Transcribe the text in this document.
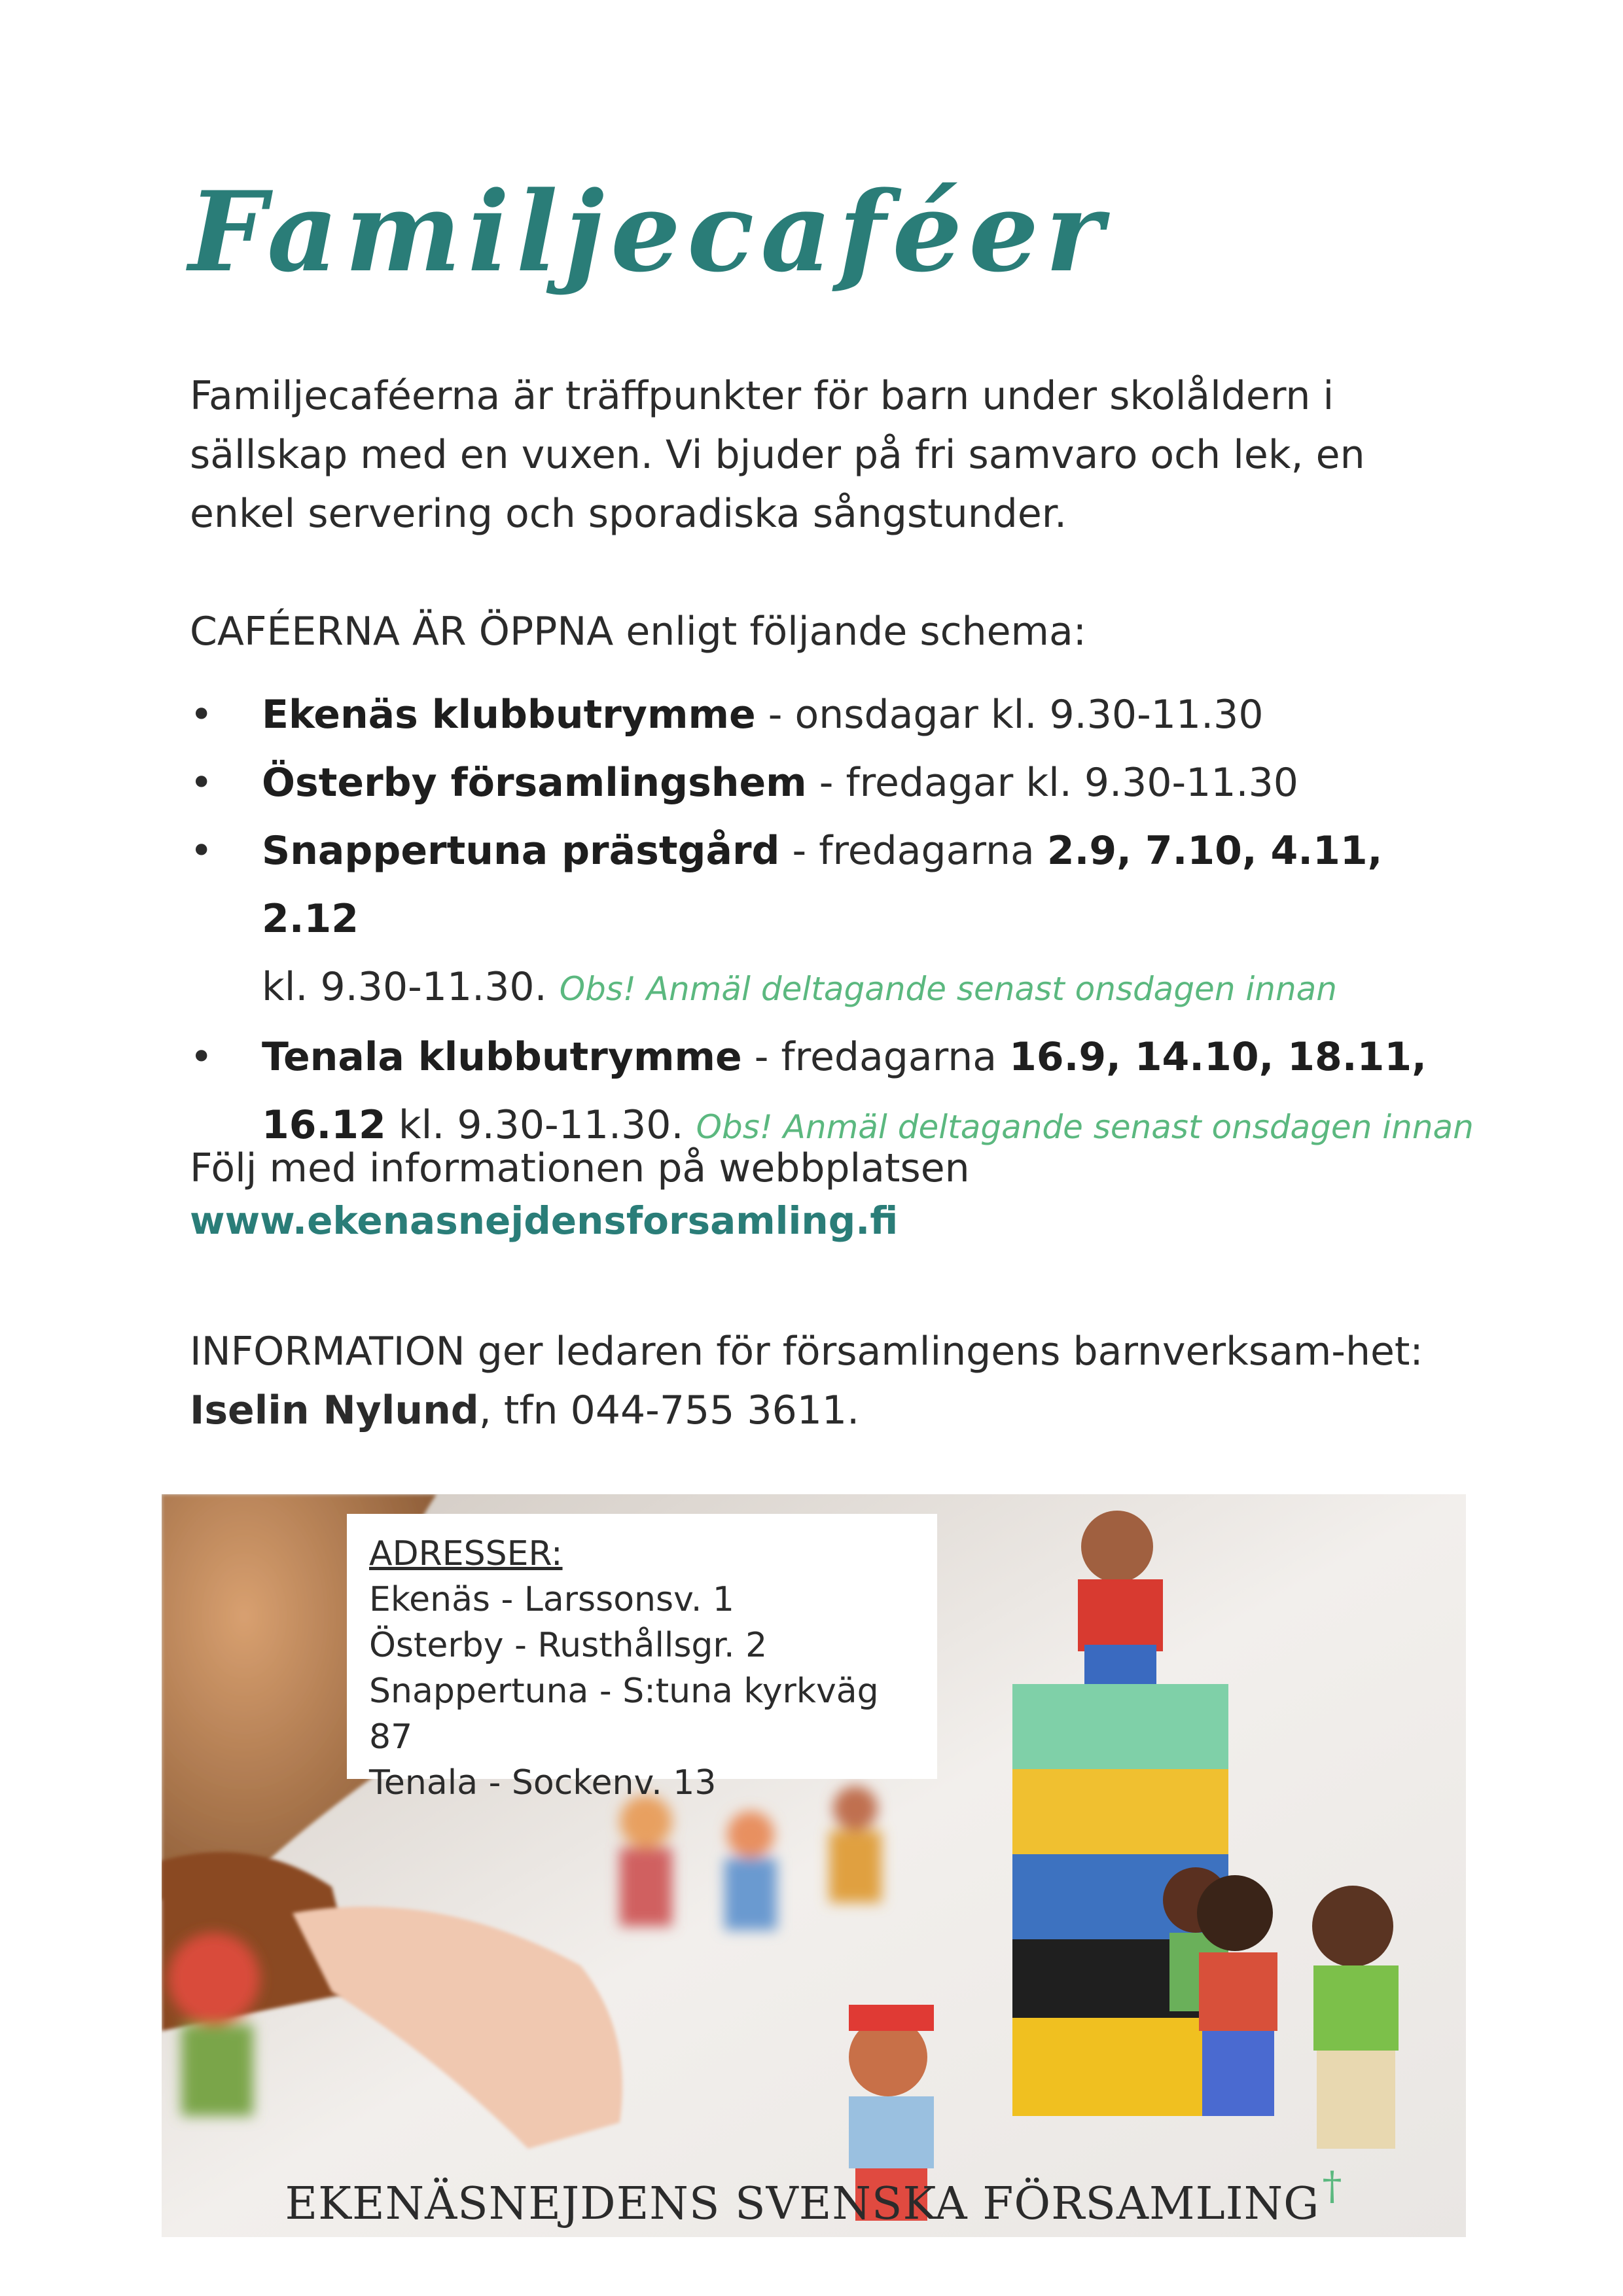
Familjecaféer

Familjecaféerna är träffpunkter för barn under skolåldern i sällskap med en vuxen. Vi bjuder på fri samvaro och lek, en enkel servering och sporadiska sångstunder.

CAFÉERNA ÄR ÖPPNA enligt följande schema:
• Ekenäs klubbutrymme - onsdagar kl. 9.30-11.30
• Österby församlingshem - fredagar kl. 9.30-11.30
• Snappertuna prästgård - fredagarna 2.9, 7.10, 4.11, 2.12
kl. 9.30-11.30. Obs! Anmäl deltagande senast onsdagen innan
• Tenala klubbutrymme - fredagarna 16.9, 14.10, 18.11,
16.12 kl. 9.30-11.30. Obs! Anmäl deltagande senast onsdagen innan
Följ med informationen på webbplatsen
www.ekenasnejdensforsamling.fi
INFORMATION ger ledaren för församlingens barnverksam-het: Iselin Nylund, tfn 044-755 3611.
ADRESSER:
Ekenäs - Larssonsv. 1
Österby - Rusthållsgr. 2
Snappertuna - S:tuna kyrkväg 87
Tenala - Sockenv. 13
EKENÄSNEJDENS SVENSKA FÖRSAMLING†
